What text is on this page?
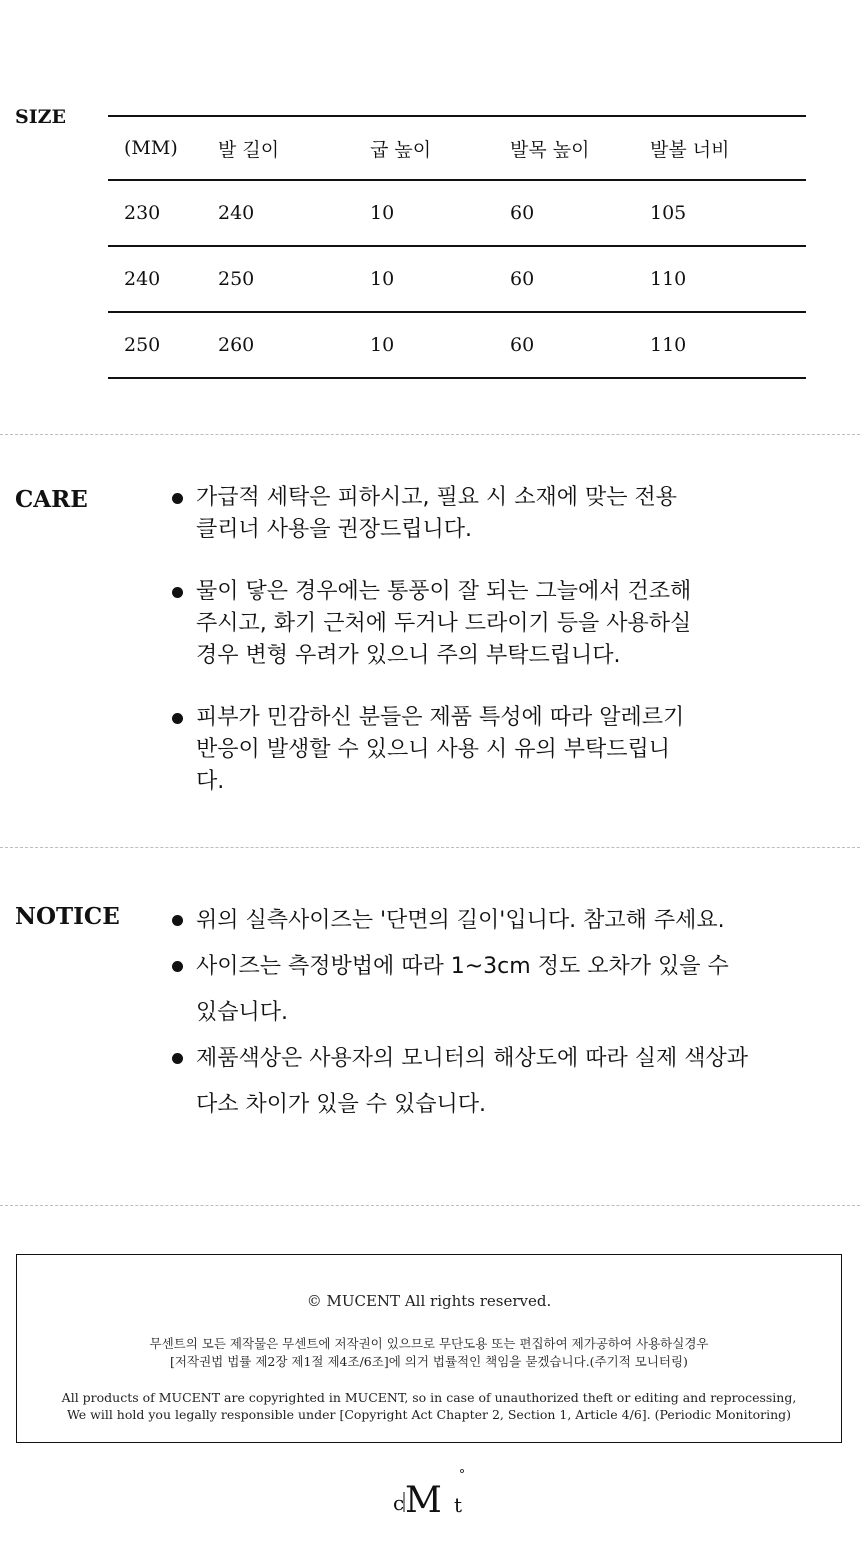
SIZE
(MM)	발 길이	굽 높이	발목 높이	발볼 너비
230	240	10	60	105
240	250	10	60	110
250	260	10	60	110
CARE	가급적 세탁은 피하시고, 필요 시 소재에 맞는 전용
클리너 사용을 권장드립니다.
물이 닿은 경우에는 통풍이 잘 되는 그늘에서 건조해
주시고, 화기 근처에 두거나 드라이기 등을 사용하실
경우 변형 우려가 있으니 주의 부탁드립니다.
피부가 민감하신 분들은 제품 특성에 따라 알레르기
반응이 발생할 수 있으니 사용 시 유의 부탁드립니
다.
NOTICE	위의 실측사이즈는 '단면의 길이'입니다. 참고해 주세요.
사이즈는 측정방법에 따라 1~3cm 정도 오차가 있을 수
있습니다.
제품색상은 사용자의 모니터의 해상도에 따라 실제 색상과
다소 차이가 있을 수 있습니다.
© MUCENT All rights reserved.
무센트의 모든 제작물은 무센트에 저작권이 있으므로 무단도용 또는 편집하여 제가공하여 사용하실경우
[저작권법 법률 제2장 제1절 제4조/6조]에 의거 법률적인 책임을 묻겠습니다.(주기적 모니터링)
All products of MUCENT are copyrighted in MUCENT, so in case of unauthorized theft or editing and reprocessing,
We will hold you legally responsible under [Copyright Act Chapter 2, Section 1, Article 4/6]. (Periodic Monitoring)
c M t
